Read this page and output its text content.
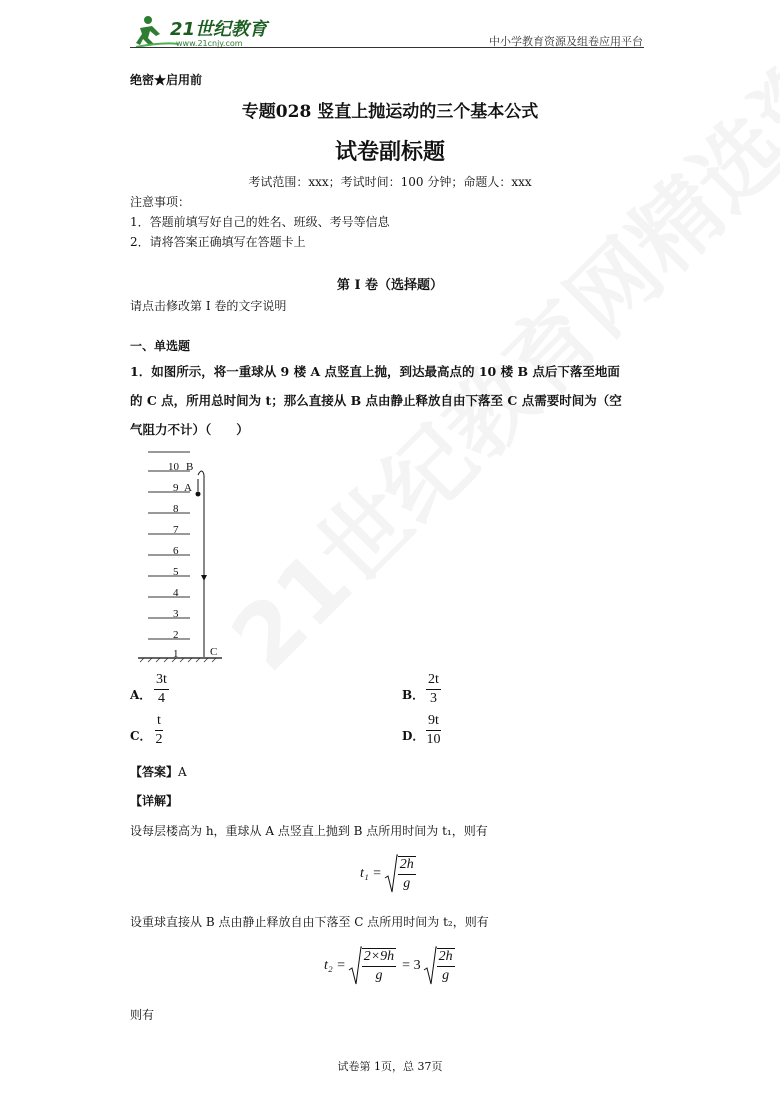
21世纪教育
www.21cnjy.com	中小学教育资源及组卷应用平台
绝密★启用前
专题028 竖直上抛运动的三个基本公式
试卷副标题
考试范围：xxx；考试时间：100 分钟；命题人：xxx
注意事项：
1．答题前填写好自己的姓名、班级、考号等信息
2．请将答案正确填写在答题卡上
第 I 卷（选择题）
请点击修改第 I 卷的文字说明
一、单选题
1．如图所示，将一重球从 9 楼 A 点竖直上抛，到达最高点的 10 楼 B 点后下落至地面
的 C 点，所用总时间为 t；那么直接从 B 点由静止释放自由下落至 C 点需要时间为（空
气阻力不计）（　　）
10
9
8
7
6
5
4
3
2
1
B
A
C
A．
3t
4	B．
2t
3
C．
t
2	D．
9t
10
【答案】A
【详解】
设每层楼高为 h，重球从 A 点竖直上抛到 B 点所用时间为 t₁，则有
$t_1 = \frac{2h}{g}$
设重球直接从 B 点由静止释放自由下落至 C 点所用时间为 t₂，则有
$t_2 = \frac{2\times 9h}{g} = 3 \frac{2h}{g}$
则有
试卷第 1页，总 37页
